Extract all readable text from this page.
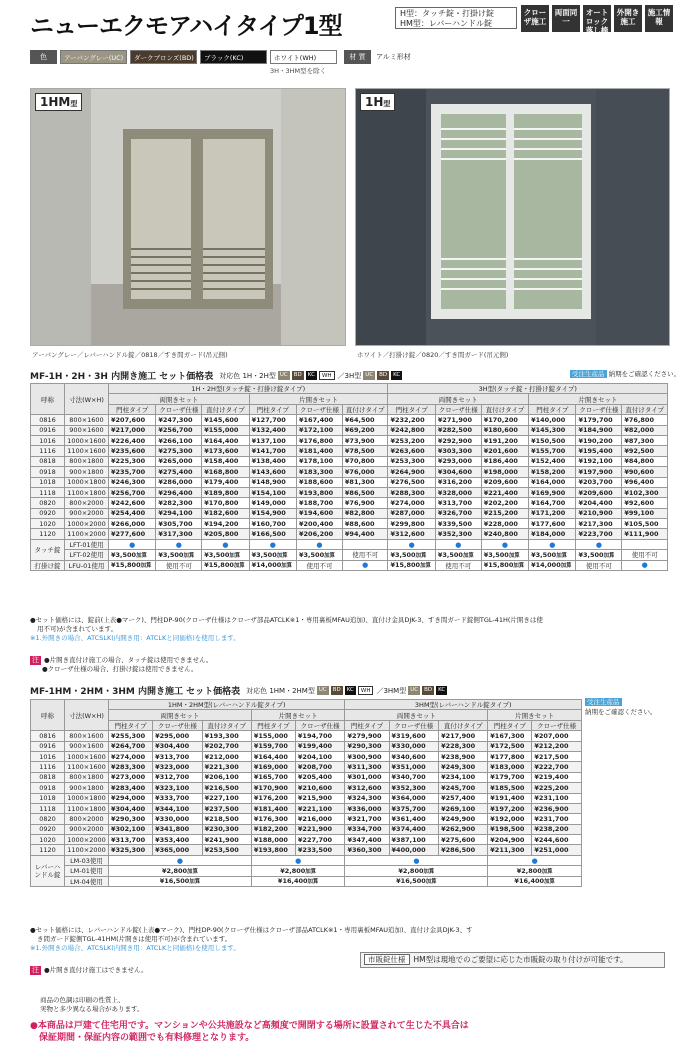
ニューエクモアハイタイプ1型	H型：タッチ錠・打掛け錠
HM型：レバーハンドル錠
クローザ施工
両面同一
オートロック落し棒
外開き施工
施工情報
色	アーバングレー(UC)	ダークブロンズ(BD)	ブラック(KC)	ホワイト(WH)	材 質	アルミ形材
3H・3HM型を除く
1HM型
アーバングレー／レバーハンドル錠／0818／すき間ガード(吊元側)
1H型
ホワイト／打掛け錠／0820／すき間ガード(吊元側)
MF-1H・2H・3H 内開き施工 セット価格表 対応色 1H・2H型 UC	BD	KC	WH ／3H型 UC	BD	KC	受注生産品 納期をご確認ください。
呼称	寸法(W×H)	1H・2H型(タッチ錠・打掛け錠タイプ)						3H型(タッチ錠・打掛け錠タイプ)					
		両開きセット			片開きセット			両開きセット			片開きセット		
		門柱タイプ	クローザ仕様	直付けタイプ	門柱タイプ	クローザ仕様	直付けタイプ	門柱タイプ	クローザ仕様	直付けタイプ	門柱タイプ	クローザ仕様	直付けタイプ
0816	800×1600	¥207,600	¥247,300	¥145,600	¥127,700	¥167,400	¥64,500	¥232,200	¥271,900	¥170,200	¥140,000	¥179,700	¥76,800
0916	900×1600	¥217,000	¥256,700	¥155,000	¥132,400	¥172,100	¥69,200	¥242,800	¥282,500	¥180,600	¥145,300	¥184,900	¥82,000
1016	1000×1600	¥226,400	¥266,100	¥164,400	¥137,100	¥176,800	¥73,900	¥253,200	¥292,900	¥191,200	¥150,500	¥190,200	¥87,300
1116	1100×1600	¥235,600	¥275,300	¥173,600	¥141,700	¥181,400	¥78,500	¥263,600	¥303,300	¥201,600	¥155,700	¥195,400	¥92,500
0818	800×1800	¥225,300	¥265,000	¥158,400	¥138,400	¥178,100	¥70,800	¥253,300	¥293,000	¥186,400	¥152,400	¥192,100	¥84,800
0918	900×1800	¥235,700	¥275,400	¥168,800	¥143,600	¥183,300	¥76,000	¥264,900	¥304,600	¥198,000	¥158,200	¥197,900	¥90,600
1018	1000×1800	¥246,300	¥286,000	¥179,400	¥148,900	¥188,600	¥81,300	¥276,500	¥316,200	¥209,600	¥164,000	¥203,700	¥96,400
1118	1100×1800	¥256,700	¥296,400	¥189,800	¥154,100	¥193,800	¥86,500	¥288,300	¥328,000	¥221,400	¥169,900	¥209,600	¥102,300
0820	800×2000	¥242,600	¥282,300	¥170,800	¥149,000	¥188,700	¥76,900	¥274,000	¥313,700	¥202,200	¥164,700	¥204,400	¥92,600
0920	900×2000	¥254,400	¥294,100	¥182,600	¥154,900	¥194,600	¥82,800	¥287,000	¥326,700	¥215,200	¥171,200	¥210,900	¥99,100
1020	1000×2000	¥266,000	¥305,700	¥194,200	¥160,700	¥200,400	¥88,600	¥299,800	¥339,500	¥228,000	¥177,600	¥217,300	¥105,500
1120	1100×2000	¥277,600	¥317,300	¥205,800	¥166,500	¥206,200	¥94,400	¥312,600	¥352,300	¥240,800	¥184,000	¥223,700	¥111,900
タッチ錠	LFT-01使用	●	●	●	●	●		●	●	●	●	●	
	LFT-02使用	¥3,500加算	¥3,500加算	¥3,500加算	¥3,500加算	¥3,500加算	使用不可	¥3,500加算	¥3,500加算	¥3,500加算	¥3,500加算	¥3,500加算	使用不可
打掛け錠	LFU-01使用	¥15,800加算	使用不可	¥15,800加算	¥14,000加算	使用不可	●	¥15,800加算	使用不可	¥15,800加算	¥14,000加算	使用不可	●
●セット価格には、錠前(上表●マーク)、門柱DP-90(クローザ仕様はクローザ部品ATCLK※1・専用裏板MFAU追加)、直付け金具DJK-3、すき間ガード錠側TGL-41H(片開きは使
用不可)が含まれています。
※1.外開きの場合、ATCSLK(内開き用：ATCLKと同価格)を使用します。
注 ●片開き直付け施工の場合、タッチ錠は使用できません。
●クローザ仕様の場合、打掛け錠は使用できません。
MF-1HM・2HM・3HM 内開き施工 セット価格表 対応色 1HM・2HM型 UC	BD	KC	WH ／3HM型 UC	BD	KC
受注生産品
納期をご確認ください。
呼称	寸法(W×H)	1HM・2HM型(レバーハンドル錠タイプ)					3HM型(レバーハンドル錠タイプ)				
		両開きセット			片開きセット		両開きセット			片開きセット	
		門柱タイプ	クローザ仕様	直付けタイプ	門柱タイプ	クローザ仕様	門柱タイプ	クローザ仕様	直付けタイプ	門柱タイプ	クローザ仕様
0816	800×1600	¥255,300	¥295,000	¥193,300	¥155,000	¥194,700	¥279,900	¥319,600	¥217,900	¥167,300	¥207,000
0916	900×1600	¥264,700	¥304,400	¥202,700	¥159,700	¥199,400	¥290,300	¥330,000	¥228,300	¥172,500	¥212,200
1016	1000×1600	¥274,000	¥313,700	¥212,000	¥164,400	¥204,100	¥300,900	¥340,600	¥238,900	¥177,800	¥217,500
1116	1100×1600	¥283,300	¥323,000	¥221,300	¥169,000	¥208,700	¥311,300	¥351,000	¥249,300	¥183,000	¥222,700
0818	800×1800	¥273,000	¥312,700	¥206,100	¥165,700	¥205,400	¥301,000	¥340,700	¥234,100	¥179,700	¥219,400
0918	900×1800	¥283,400	¥323,100	¥216,500	¥170,900	¥210,600	¥312,600	¥352,300	¥245,700	¥185,500	¥225,200
1018	1000×1800	¥294,000	¥333,700	¥227,100	¥176,200	¥215,900	¥324,300	¥364,000	¥257,400	¥191,400	¥231,100
1118	1100×1800	¥304,400	¥344,100	¥237,500	¥181,400	¥221,100	¥336,000	¥375,700	¥269,100	¥197,200	¥236,900
0820	800×2000	¥290,300	¥330,000	¥218,500	¥176,300	¥216,000	¥321,700	¥361,400	¥249,900	¥192,000	¥231,700
0920	900×2000	¥302,100	¥341,800	¥230,300	¥182,200	¥221,900	¥334,700	¥374,400	¥262,900	¥198,500	¥238,200
1020	1000×2000	¥313,700	¥353,400	¥241,900	¥188,000	¥227,700	¥347,400	¥387,100	¥275,600	¥204,900	¥244,600
1120	1100×2000	¥325,300	¥365,000	¥253,500	¥193,800	¥233,500	¥360,300	¥400,000	¥286,500	¥211,300	¥251,000
レバーハンドル錠	LM-03使用	●			●		●			●	
	LM-01使用	¥2,800加算			¥2,800加算		¥2,800加算			¥2,800加算	
	LM-04使用	¥16,500加算			¥16,400加算		¥16,500加算			¥16,400加算	
●セット価格には、レバーハンドル錠(上表●マーク)、門柱DP-90(クローザ仕様はクローザ部品ATCLK※1・専用裏板MFAU追加)、直付け金具DJK-3、す
き間ガード錠側TGL-41HM(片開きは使用不可)が含まれています。
※1.外開きの場合、ATCSLK(内開き用：ATCLKと同価格)を使用します。
注 ●片開き直付け施工はできません。
市販錠仕様 HM型は現地でのご要望に応じた市販錠の取り付けが可能です。
商品の色調は印刷の性質上、
実物と多少異なる場合があります。
●本商品は戸建て住宅用です。マンションや公共施設など高頻度で開閉する場所に設置されて生じた不具合は
保証期間・保証内容の範囲でも有料修理となります。
